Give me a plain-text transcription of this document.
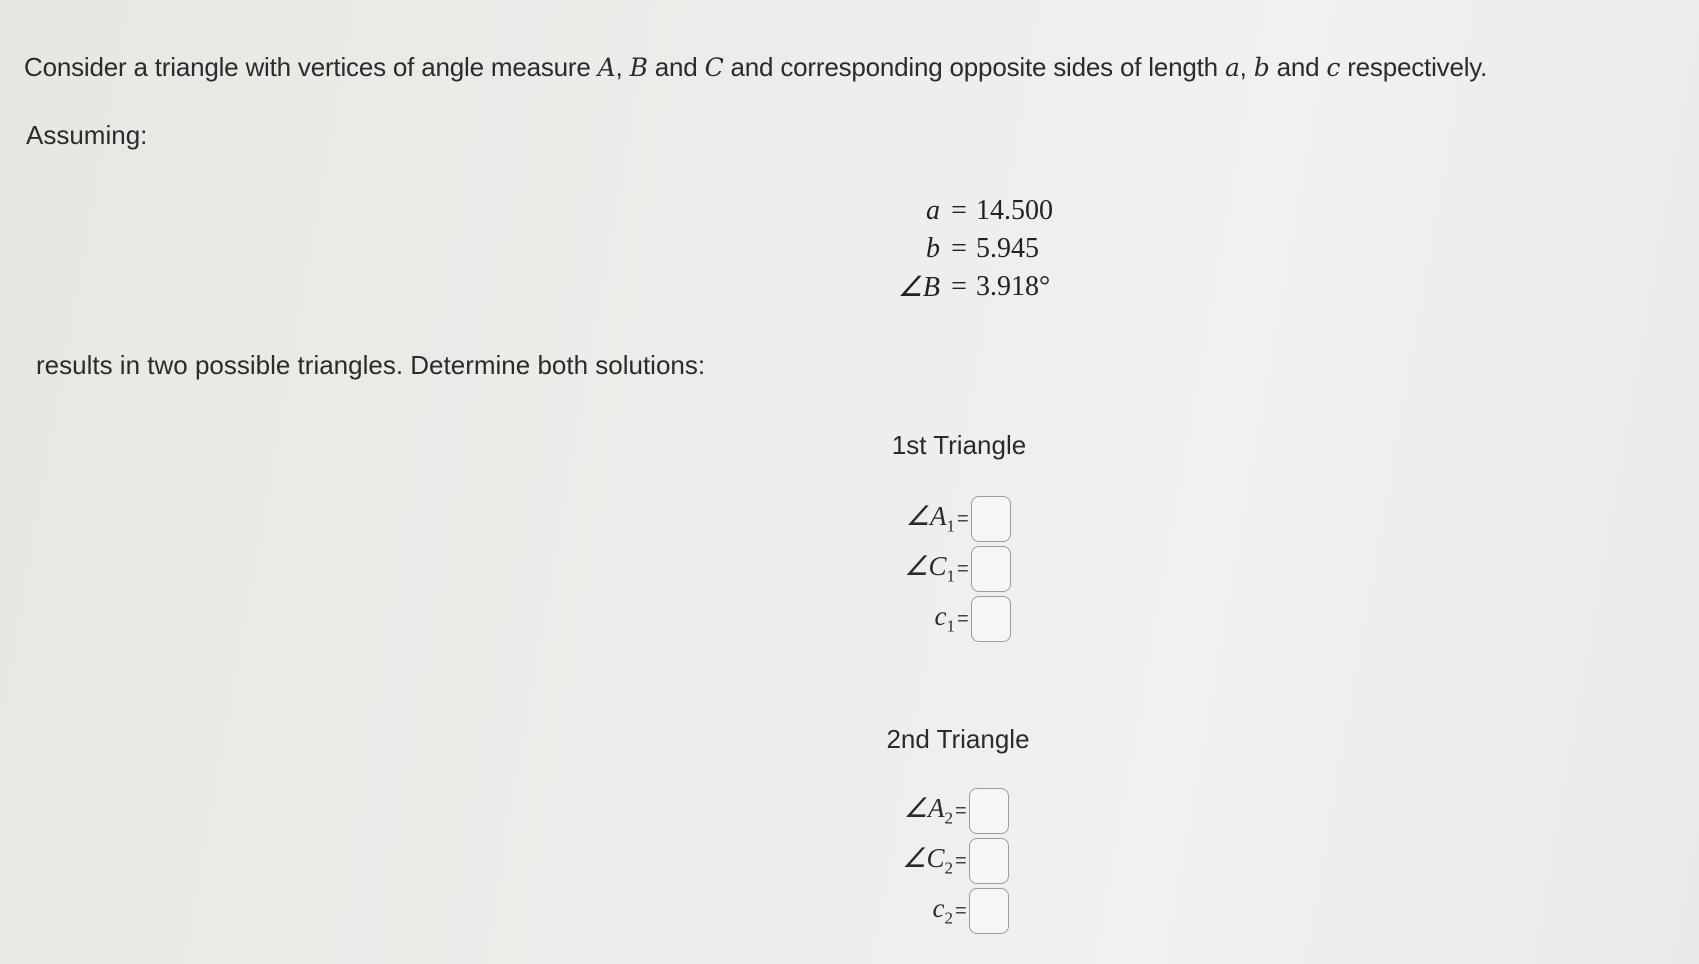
Consider a triangle with vertices of angle measure A, B and C and corresponding opposite sides of length a, b and c respectively.
Assuming:
a = 14.500
b = 5.945
∠B = 3.918°
results in two possible triangles. Determine both solutions:
1st Triangle
$\angle A_1$ =
$\angle C_1$ =
$c_1$ =
2nd Triangle
$\angle A_2$ =
$\angle C_2$ =
$c_2$ =
